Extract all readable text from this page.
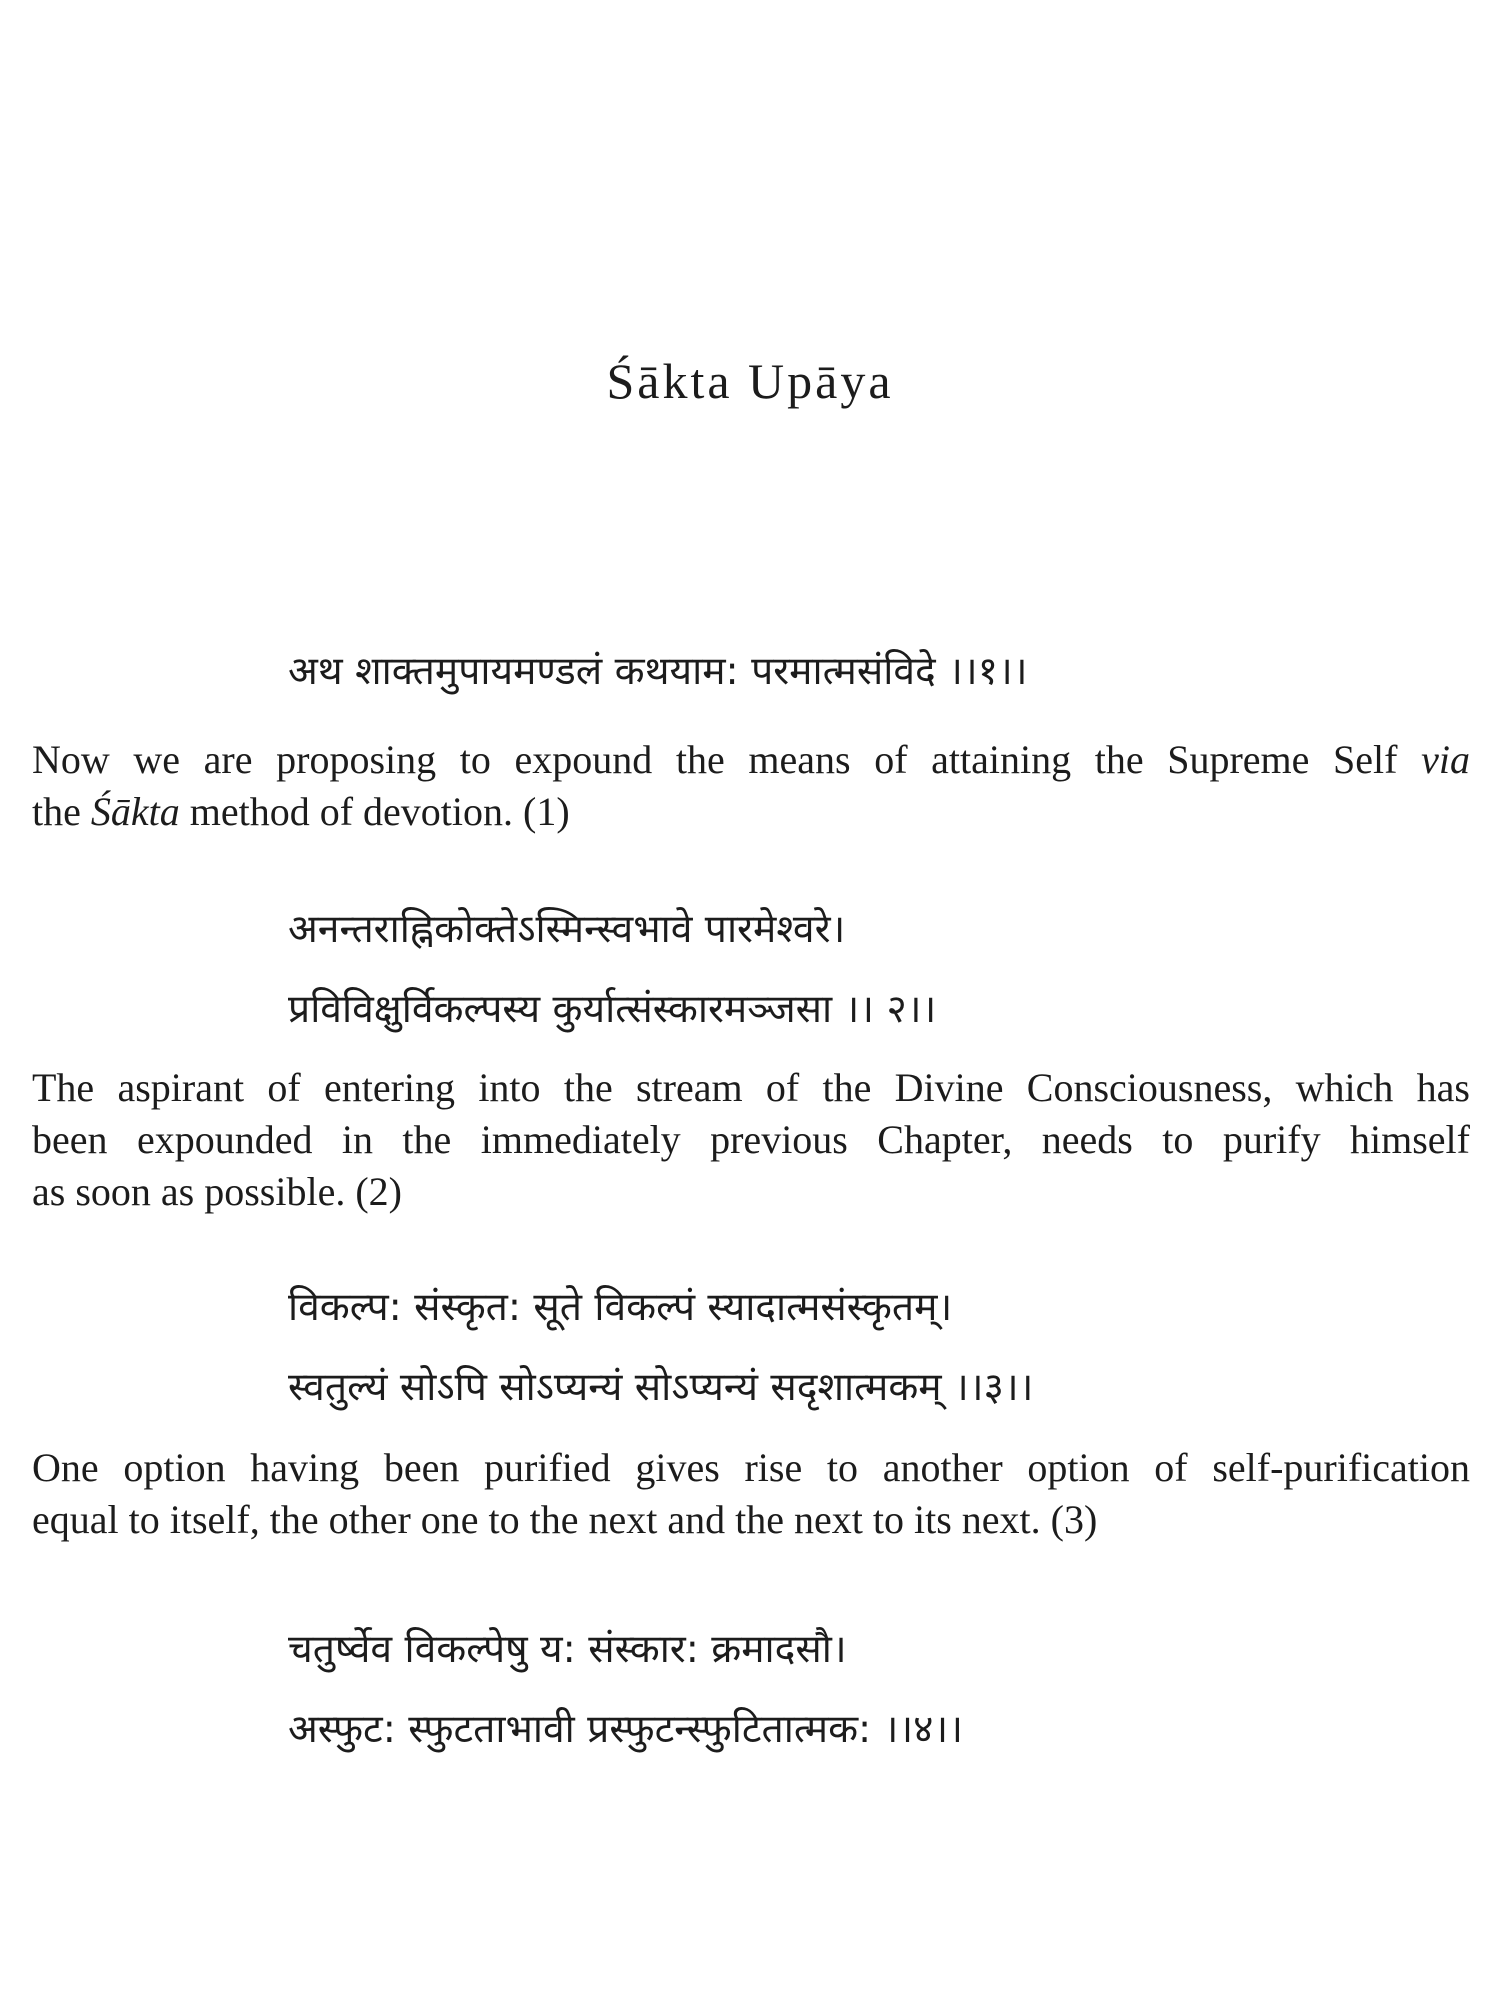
Śākta Upāya
अथ शाक्तमुपायमण्डलं कथयाम: परमात्मसंविदे ।।१।।
Now we are proposing to expound the means of attaining the Supreme Self via
the Śākta method of devotion. (1)
अनन्तराह्निकोक्तेऽस्मिन्स्वभावे पारमेश्वरे।
प्रविविक्षुर्विकल्पस्य कुर्यात्संस्कारमञ्जसा ।। २।।
The aspirant of entering into the stream of the Divine Consciousness, which has
been expounded in the immediately previous Chapter, needs to purify himself
as soon as possible. (2)
विकल्प: संस्कृत: सूते विकल्पं स्यादात्मसंस्कृतम्।
स्वतुल्यं सोऽपि सोऽप्यन्यं सोऽप्यन्यं सदृशात्मकम् ।।३।।
One option having been purified gives rise to another option of self-purification
equal to itself, the other one to the next and the next to its next. (3)
चतुर्ष्वेव विकल्पेषु य: संस्कार: क्रमादसौ।
अस्फुट: स्फुटताभावी प्रस्फुटन्स्फुटितात्मक: ।।४।।
